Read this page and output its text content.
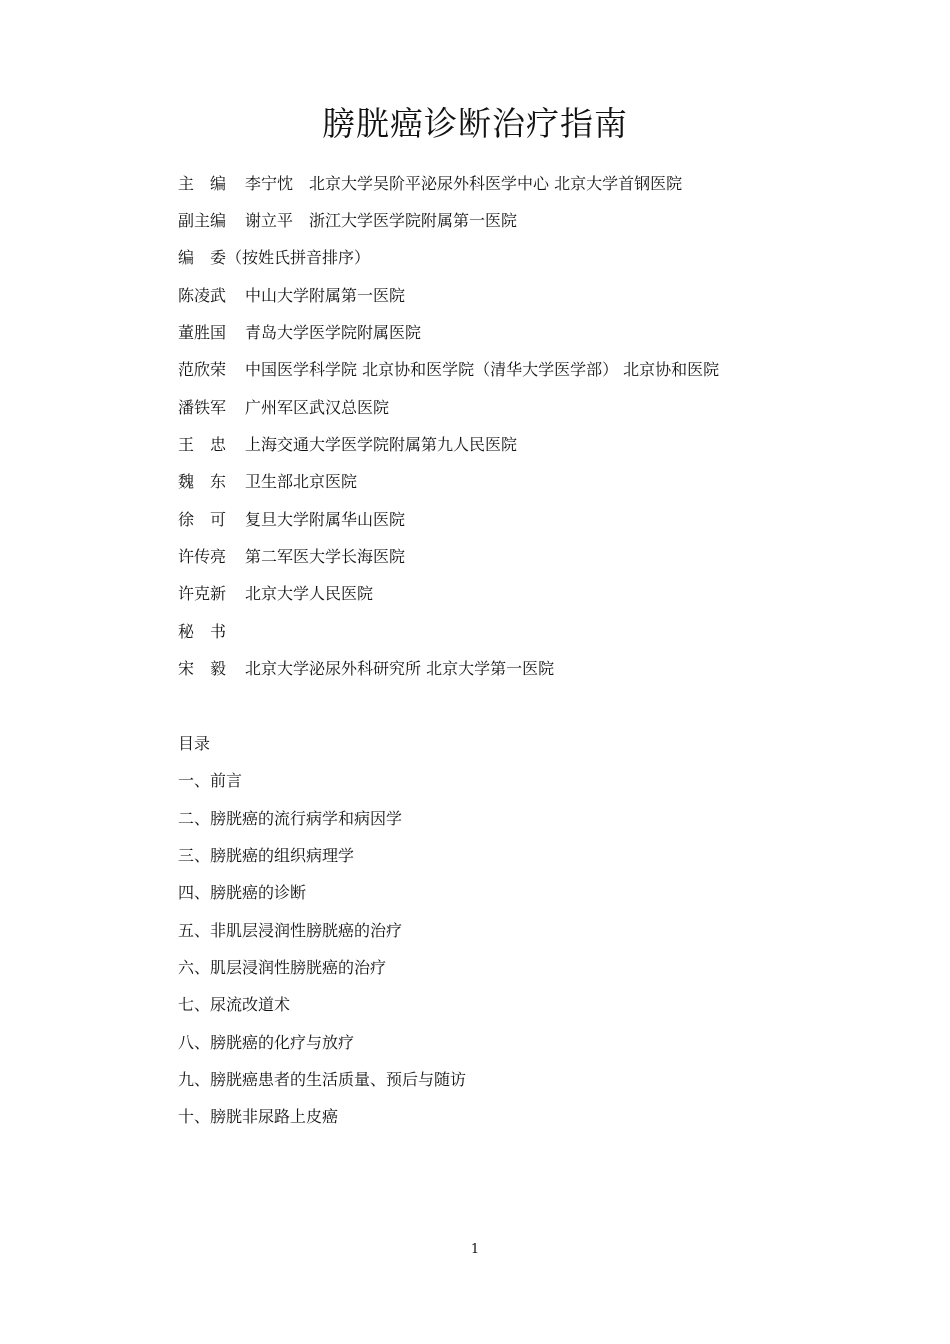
膀胱癌诊断治疗指南
主　编 李宁忱　北京大学吴阶平泌尿外科医学中心 北京大学首钢医院
副主编 谢立平　浙江大学医学院附属第一医院
编　委（按姓氏拼音排序）
陈凌武 中山大学附属第一医院
董胜国 青岛大学医学院附属医院
范欣荣 中国医学科学院 北京协和医学院（清华大学医学部） 北京协和医院
潘铁军 广州军区武汉总医院
王　忠 上海交通大学医学院附属第九人民医院
魏　东 卫生部北京医院
徐　可 复旦大学附属华山医院
许传亮 第二军医大学长海医院
许克新 北京大学人民医院
秘　书
宋　毅 北京大学泌尿外科研究所 北京大学第一医院
目录
一、前言
二、膀胱癌的流行病学和病因学
三、膀胱癌的组织病理学
四、膀胱癌的诊断
五、非肌层浸润性膀胱癌的治疗
六、肌层浸润性膀胱癌的治疗
七、尿流改道术
八、膀胱癌的化疗与放疗
九、膀胱癌患者的生活质量、预后与随访
十、膀胱非尿路上皮癌
1
